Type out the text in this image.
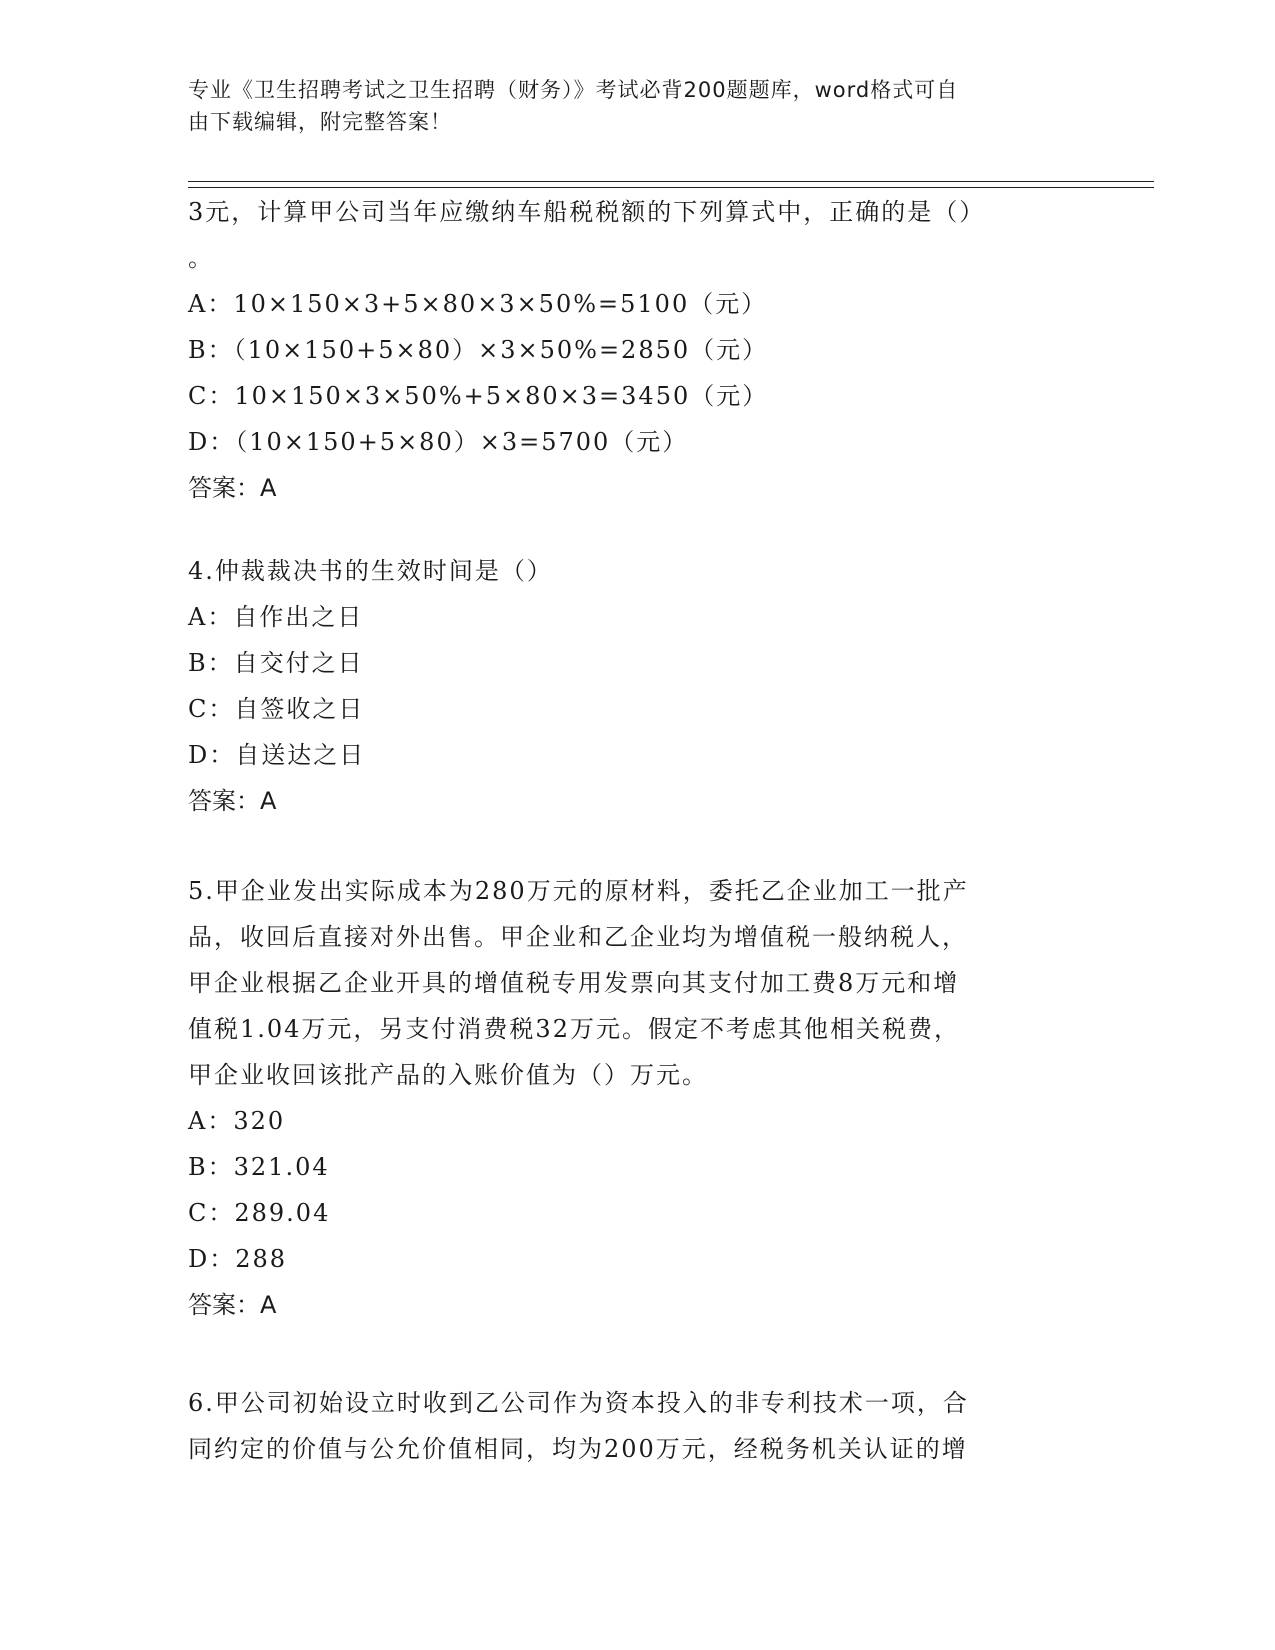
专业《卫生招聘考试之卫生招聘（财务）》考试必背200题题库，word格式可自
由下载编辑，附完整答案！
3元，计算甲公司当年应缴纳车船税税额的下列算式中，正确的是（）
。
A：10×150×3+5×80×3×50%=5100（元）
B：（10×150+5×80）×3×50%=2850（元）
C：10×150×3×50%+5×80×3=3450（元）
D：（10×150+5×80）×3=5700（元）
答案：A
4.仲裁裁决书的生效时间是（）
A：自作出之日
B：自交付之日
C：自签收之日
D：自送达之日
答案：A
5.甲企业发出实际成本为280万元的原材料，委托乙企业加工一批产
品，收回后直接对外出售。甲企业和乙企业均为增值税一般纳税人，
甲企业根据乙企业开具的增值税专用发票向其支付加工费8万元和增
值税1.04万元，另支付消费税32万元。假定不考虑其他相关税费，
甲企业收回该批产品的入账价值为（）万元。
A：320
B：321.04
C：289.04
D：288
答案：A
6.甲公司初始设立时收到乙公司作为资本投入的非专利技术一项，合
同约定的价值与公允价值相同，均为200万元，经税务机关认证的增
